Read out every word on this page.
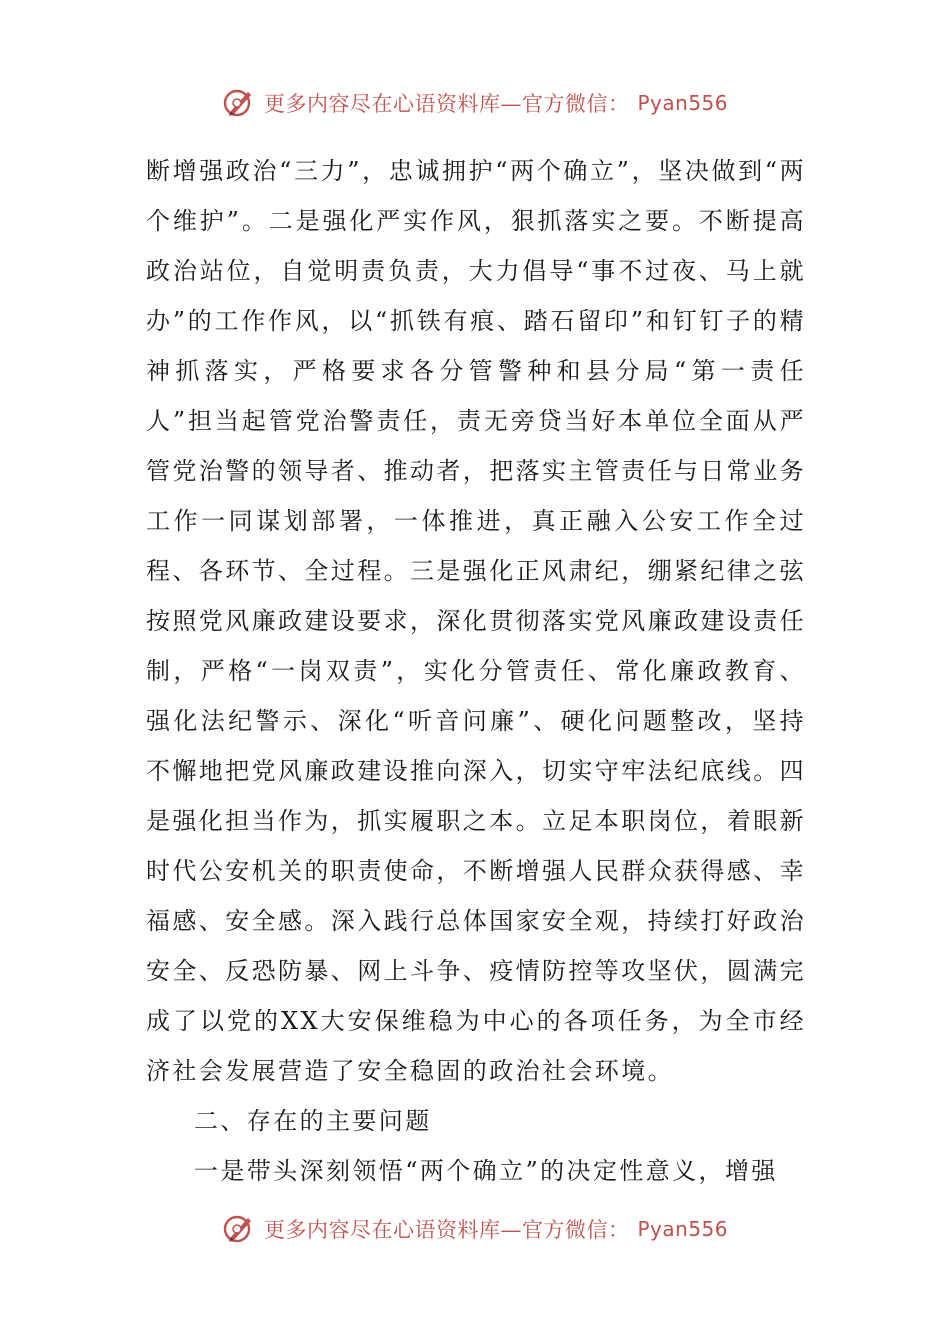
更多内容尽在心语资料库—官方微信： Pyan556

断增强政治“三力”，忠诚拥护“两个确立”，坚决做到“两个维护”。二是强化严实作风，狠抓落实之要。不断提高政治站位，自觉明责负责，大力倡导“事不过夜、马上就办”的工作作风，以“抓铁有痕、踏石留印”和钉钉子的精神抓落实，严格要求各分管警种和县分局“第一责任人”担当起管党治警责任，责无旁贷当好本单位全面从严管党治警的领导者、推动者，把落实主管责任与日常业务工作一同谋划部署，一体推进，真正融入公安工作全过程、各环节、全过程。三是强化正风肃纪，绷紧纪律之弦按照党风廉政建设要求，深化贯彻落实党风廉政建设责任制，严格“一岗双责”，实化分管责任、常化廉政教育、强化法纪警示、深化“听音问廉”、硬化问题整改，坚持不懈地把党风廉政建设推向深入，切实守牢法纪底线。四是强化担当作为，抓实履职之本。立足本职岗位，着眼新时代公安机关的职责使命，不断增强人民群众获得感、幸福感、安全感。深入践行总体国家安全观，持续打好政治安全、反恐防暴、网上斗争、疫情防控等攻坚伏，圆满完成了以党的XX大安保维稳为中心的各项任务，为全市经济社会发展营造了安全稳固的政治社会环境。

二、存在的主要问题

一是带头深刻领悟“两个确立”的决定性意义，增强

更多内容尽在心语资料库—官方微信： Pyan556
